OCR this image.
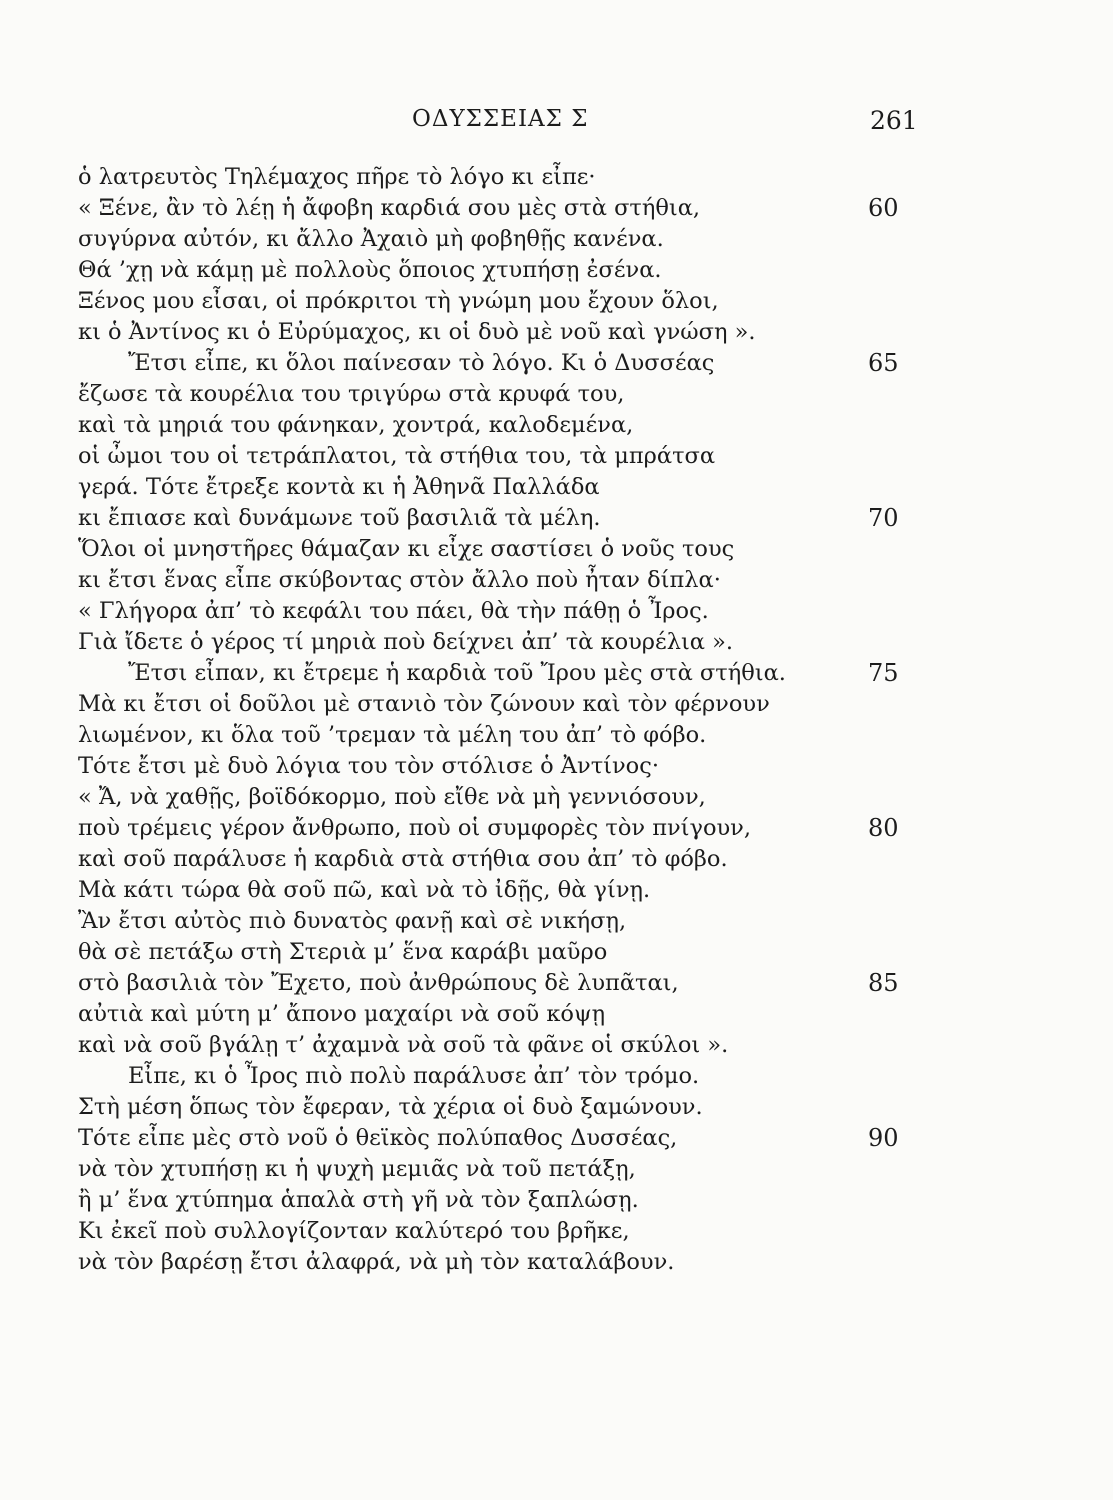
ΟΔΥΣΣΕΙΑΣ Σ	261
ὁ λατρευτὸς Τηλέμαχος πῆρε τὸ λόγο κι εἶπε·
« Ξένε, ἂν τὸ λέῃ ἡ ἄφοβη καρδιά σου μὲς στὰ στήθια,	60
συγύρνα αὐτόν, κι ἄλλο Ἀχαιὸ μὴ φοβηθῇς κανένα.
Θά ’χῃ νὰ κάμῃ μὲ πολλοὺς ὅποιος χτυπήσῃ ἐσένα.
Ξένος μου εἶσαι, οἱ πρόκριτοι τὴ γνώμη μου ἔχουν ὅλοι,
κι ὁ Ἀντίνος κι ὁ Εὐρύμαχος, κι οἱ δυὸ μὲ νοῦ καὶ γνώση ».
Ἔτσι εἶπε, κι ὅλοι παίνεσαν τὸ λόγο. Κι ὁ Δυσσέας	65
ἔζωσε τὰ κουρέλια του τριγύρω στὰ κρυφά του,
καὶ τὰ μηριά του φάνηκαν, χοντρά, καλοδεμένα,
οἱ ὦμοι του οἱ τετράπλατοι, τὰ στήθια του, τὰ μπράτσα
γερά. Τότε ἔτρεξε κοντὰ κι ἡ Ἀθηνᾶ Παλλάδα
κι ἔπιασε καὶ δυνάμωνε τοῦ βασιλιᾶ τὰ μέλη.	70
Ὅλοι οἱ μνηστῆρες θάμαζαν κι εἶχε σαστίσει ὁ νοῦς τους
κι ἔτσι ἕνας εἶπε σκύβοντας στὸν ἄλλο ποὺ ἦταν δίπλα·
« Γλήγορα ἀπ’ τὸ κεφάλι του πάει, θὰ τὴν πάθῃ ὁ Ἶρος.
Γιὰ ἴδετε ὁ γέρος τί μηριὰ ποὺ δείχνει ἀπ’ τὰ κουρέλια ».
Ἔτσι εἶπαν, κι ἔτρεμε ἡ καρδιὰ τοῦ Ἴρου μὲς στὰ στήθια.	75
Μὰ κι ἔτσι οἱ δοῦλοι μὲ στανιὸ τὸν ζώνουν καὶ τὸν φέρνουν
λιωμένον, κι ὅλα τοῦ ’τρεμαν τὰ μέλη του ἀπ’ τὸ φόβο.
Τότε ἔτσι μὲ δυὸ λόγια του τὸν στόλισε ὁ Ἀντίνος·
« Ἄ, νὰ χαθῇς, βοϊδόκορμο, ποὺ εἴθε νὰ μὴ γεννιόσουν,
ποὺ τρέμεις γέρον ἄνθρωπο, ποὺ οἱ συμφορὲς τὸν πνίγουν,	80
καὶ σοῦ παράλυσε ἡ καρδιὰ στὰ στήθια σου ἀπ’ τὸ φόβο.
Μὰ κάτι τώρα θὰ σοῦ πῶ, καὶ νὰ τὸ ἰδῇς, θὰ γίνῃ.
Ἂν ἔτσι αὐτὸς πιὸ δυνατὸς φανῇ καὶ σὲ νικήσῃ,
θὰ σὲ πετάξω στὴ Στεριὰ μ’ ἕνα καράβι μαῦρο
στὸ βασιλιὰ τὸν Ἔχετο, ποὺ ἀνθρώπους δὲ λυπᾶται,	85
αὐτιὰ καὶ μύτη μ’ ἄπονο μαχαίρι νὰ σοῦ κόψῃ
καὶ νὰ σοῦ βγάλῃ τ’ ἀχαμνὰ νὰ σοῦ τὰ φᾶνε οἱ σκύλοι ».
Εἶπε, κι ὁ Ἶρος πιὸ πολὺ παράλυσε ἀπ’ τὸν τρόμο.
Στὴ μέση ὅπως τὸν ἔφεραν, τὰ χέρια οἱ δυὸ ξαμώνουν.
Τότε εἶπε μὲς στὸ νοῦ ὁ θεϊκὸς πολύπαθος Δυσσέας,	90
νὰ τὸν χτυπήσῃ κι ἡ ψυχὴ μεμιᾶς νὰ τοῦ πετάξῃ,
ἢ μ’ ἕνα χτύπημα ἁπαλὰ στὴ γῆ νὰ τὸν ξαπλώσῃ.
Κι ἐκεῖ ποὺ συλλογίζονταν καλύτερό του βρῆκε,
νὰ τὸν βαρέσῃ ἔτσι ἀλαφρά, νὰ μὴ τὸν καταλάβουν.
